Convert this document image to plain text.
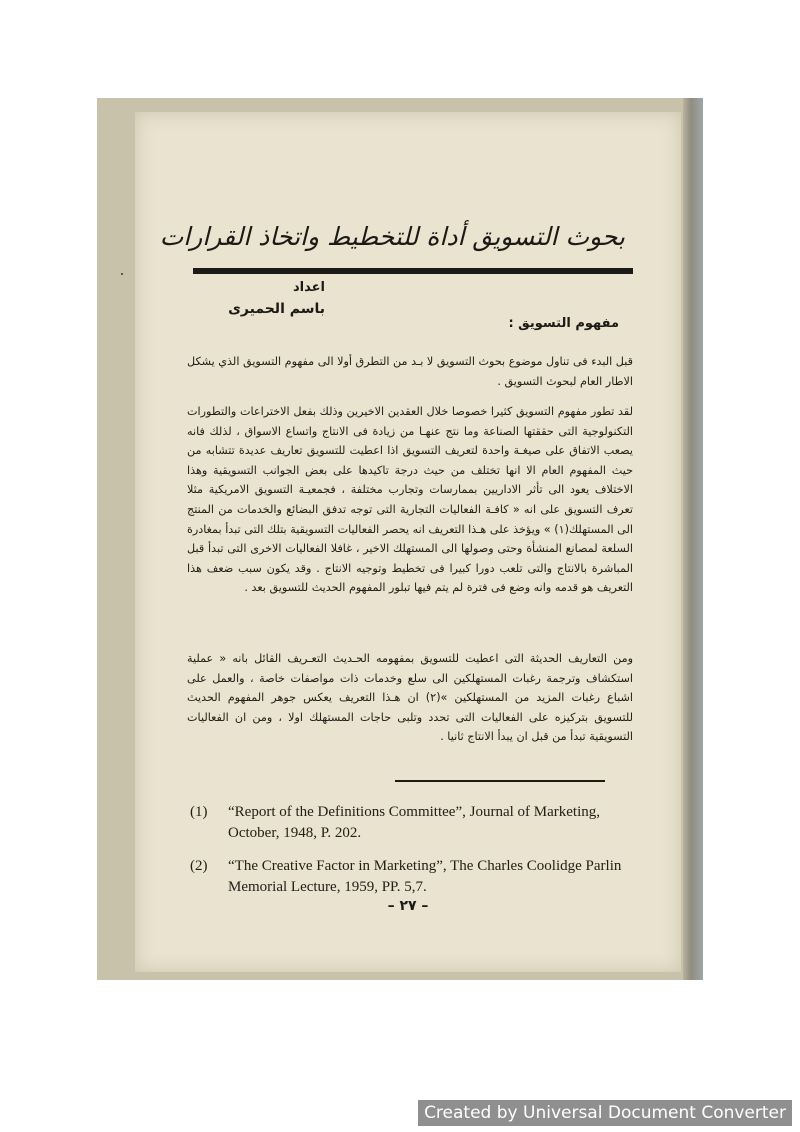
بحوث التسويق أداة للتخطيط واتخاذ القرارات
اعداد
باسم الحميرى
مفهوم التسويق :

قبل البدء فى تناول موضوع بحوث التسويق لا بـد من التطرق أولا الى مفهوم التسويق الذي يشكل الاطار العام لبحوث التسويق .

لقد تطور مفهوم التسويق كثيرا خصوصا خلال العقدين الاخيرين وذلك بفعل الاختراعات والتطورات التكنولوجية التى حققتها الصناعة وما نتج عنهـا من زيادة فى الانتاج واتساع الاسواق ، لذلك فانه يصعب الاتفاق على صيغـة واحدة لتعريف التسويق اذا اعطيت للتسويق تعاريف عديدة تتشابه من حيث المفهوم العام الا انها تختلف من حيث درجة تاكيدها على بعض الجوانب التسويقية وهذا الاختلاف يعود الى تأثر الاداريين بممارسات وتجارب مختلفة ، فجمعيـة التسويق الامريكية مثلا تعرف التسويق على انه « كافـة الفعاليات التجارية التى توجه تدفق البضائع والخدمات من المنتج الى المستهلك(١) » ويؤخذ على هـذا التعريف انه يحصر الفعاليات التسويقية بتلك التى تبدأ بمغادرة السلعة لمصانع المنشأة وحتى وصولها الى المستهلك الاخير ، غافلا الفعاليات الاخرى التى تبدأ قبل المباشرة بالانتاج والتى تلعب دورا كبيرا فى تخطيط وتوجيه الانتاج . وقد يكون سبب ضعف هذا التعريف هو قدمه وانه وضع فى فترة لم يتم فيها تبلور المفهوم الحديث للتسويق بعد .

ومن التعاريف الحديثة التى اعطيت للتسويق بمفهومه الحـديث التعـريف القائل بانه « عملية استكشاف وترجمة رغبات المستهلكين الى سلع وخدمات ذات مواصفات خاصة ، والعمل على اشباع رغبات المزيد من المستهلكين »(٢) ان هـذا التعريف يعكس جوهر المفهوم الحديث للتسويق بتركيزه على الفعاليات التى تحدد وتلبى حاجات المستهلك اولا ، ومن ان الفعاليات التسويقية تبدأ من قبل ان يبدأ الانتاج ثانيا .

(1)	“Report of the Definitions Committee”, Journal of Marketing, October, 1948, P. 202.
(2)	“The Creative Factor in Marketing”, The Charles Coolidge Parlin Memorial Lecture, 1959, PP. 5,7.
– ٢٧ –
Created by Universal Document Converter
